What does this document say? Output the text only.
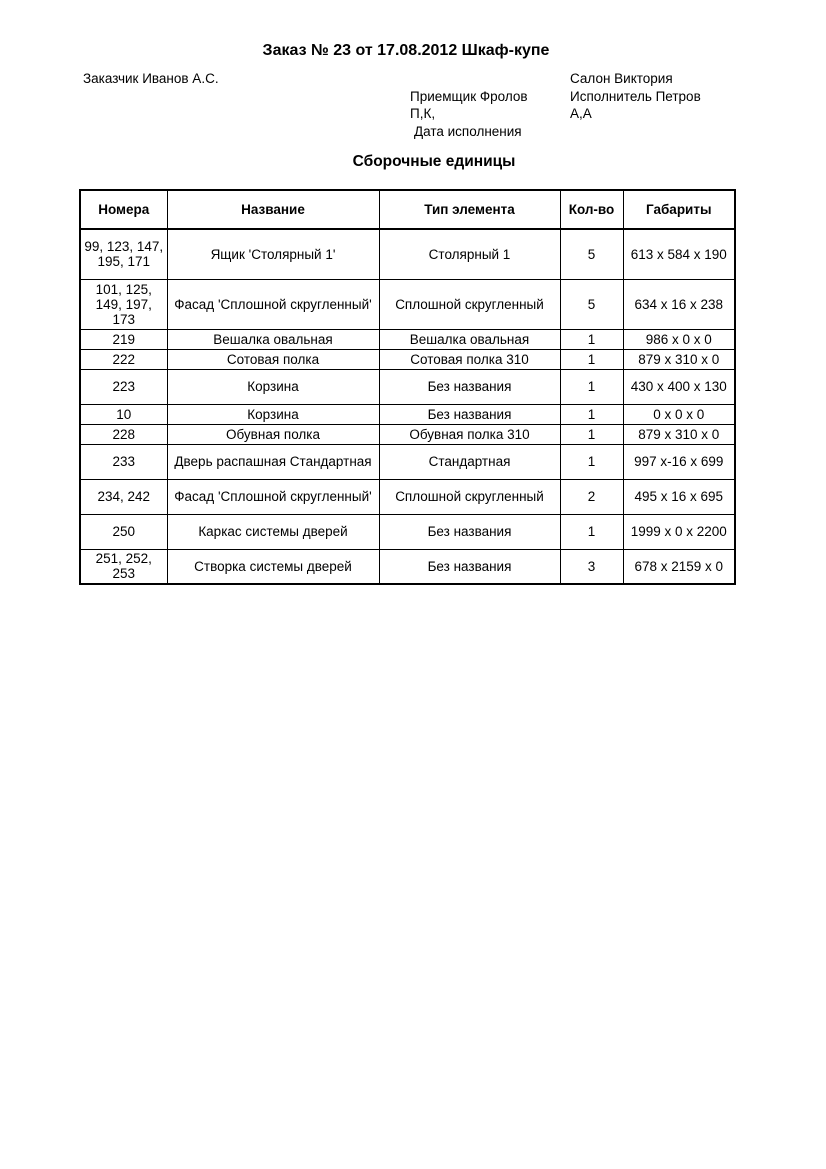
Заказ № 23 от 17.08.2012 Шкаф-купе
Заказчик Иванов А.С.
Приемщик Фролов П,К,
Дата исполнения
Салон Виктория
Исполнитель Петров А,А
Сборочные единицы
Номера	Название	Тип элемента	Кол-во	Габариты
99, 123, 147, 195, 171	Ящик 'Столярный 1'	Столярный 1	5	613 x 584 x 190
101, 125, 149, 197, 173	Фасад 'Сплошной скругленный'	Сплошной скругленный	5	634 x 16 x 238
219	Вешалка овальная	Вешалка овальная	1	986 x 0 x 0
222	Сотовая полка	Сотовая полка 310	1	879 x 310 x 0
223	Корзина	Без названия	1	430 x 400 x 130
10	Корзина	Без названия	1	0 x 0 x 0
228	Обувная полка	Обувная полка 310	1	879 x 310 x 0
233	Дверь распашная Стандартная	Стандартная	1	997 x-16 x 699
234, 242	Фасад 'Сплошной скругленный'	Сплошной скругленный	2	495 x 16 x 695
250	Каркас системы дверей	Без названия	1	1999 x 0 x 2200
251, 252, 253	Створка системы дверей	Без названия	3	678 x 2159 x 0
